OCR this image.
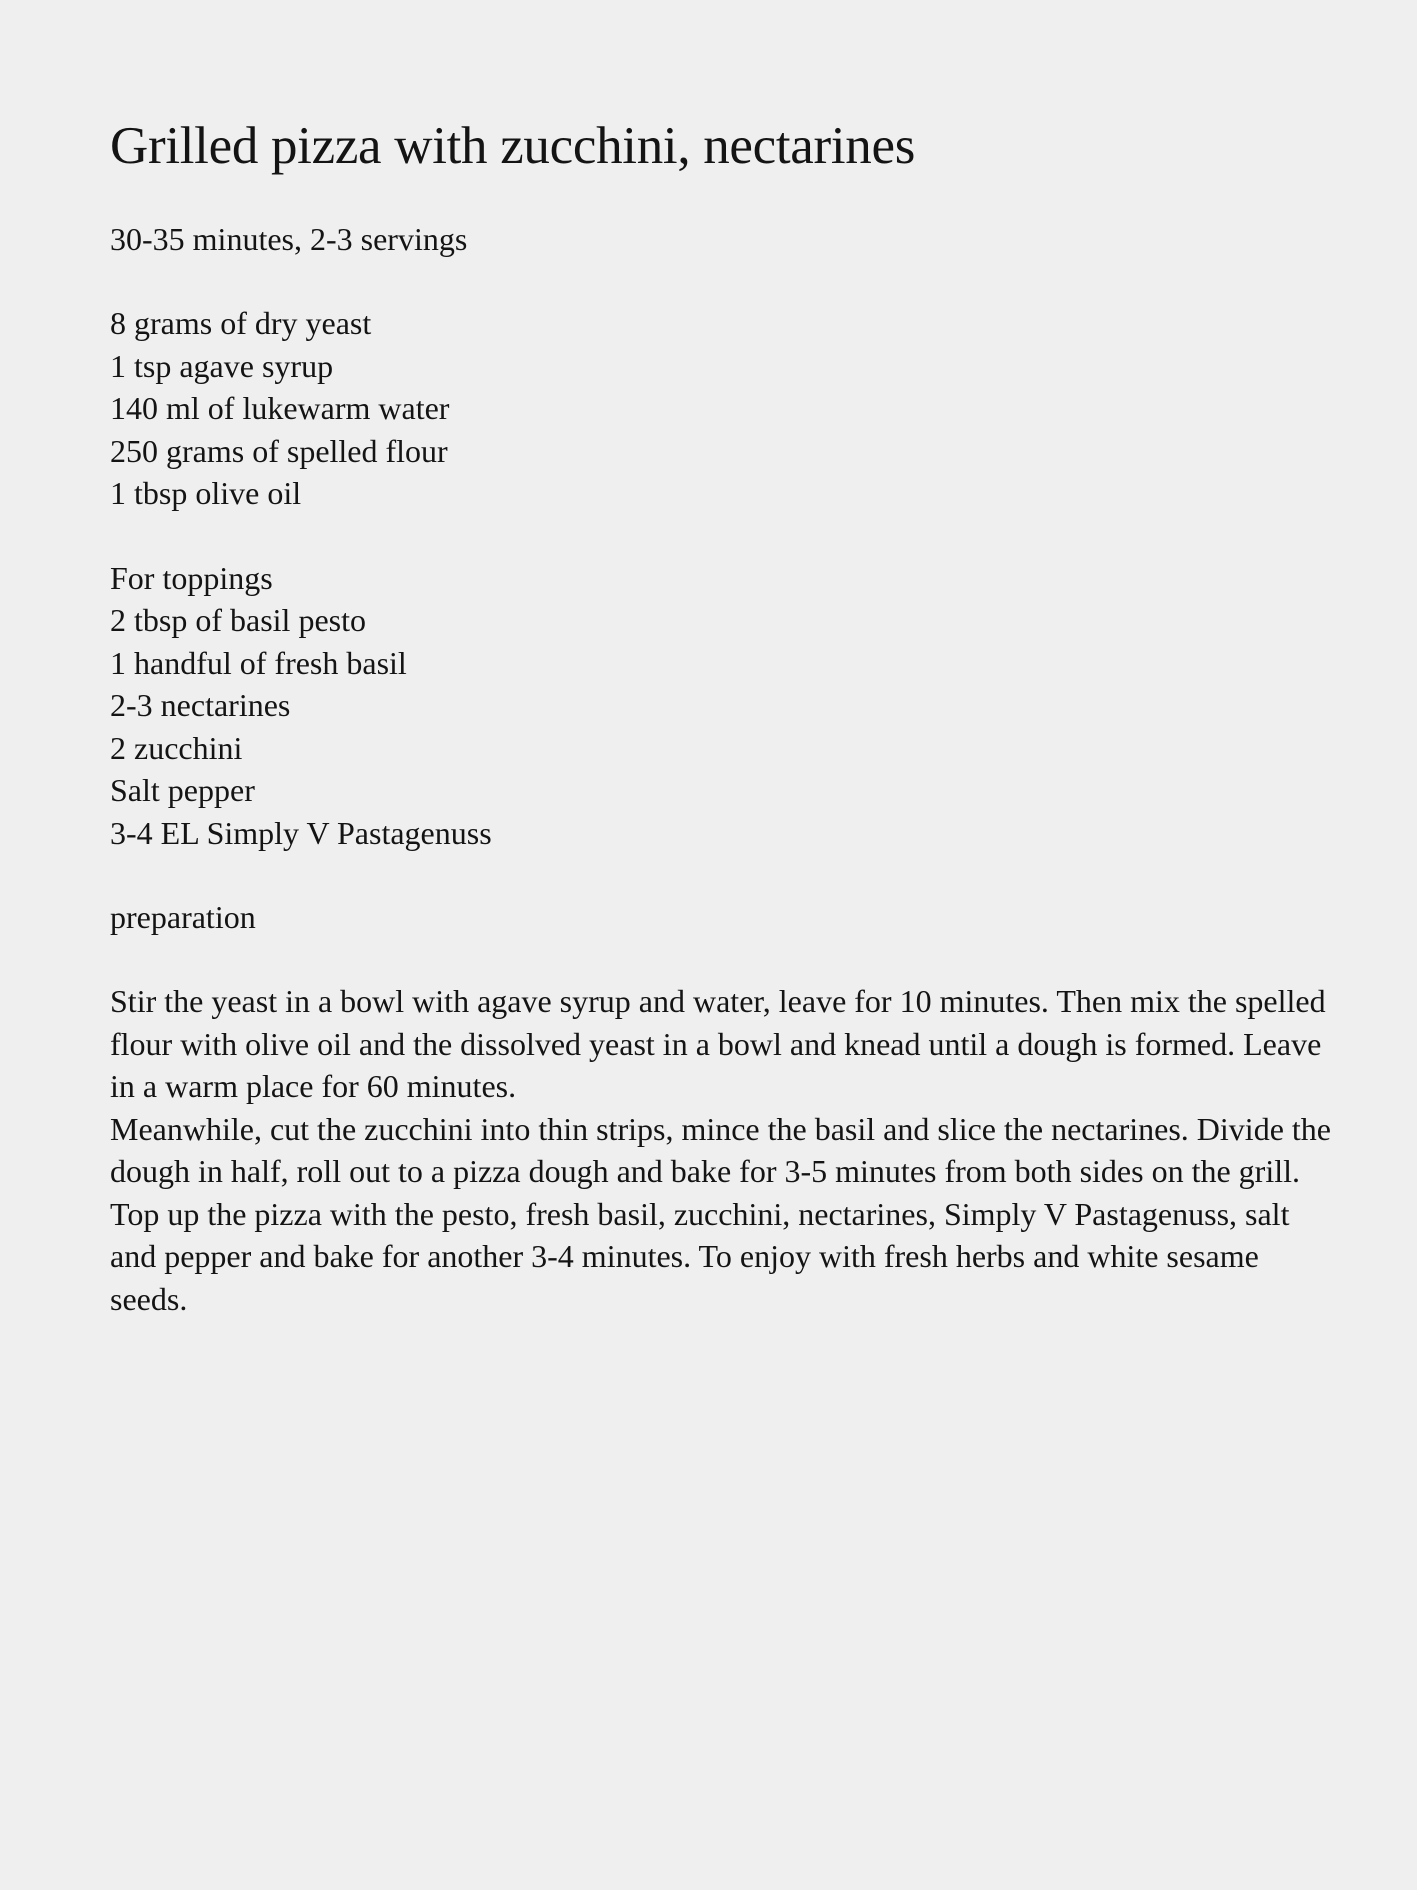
Grilled pizza with zucchini, nectarines

30-35 minutes, 2-3 servings

8 grams of dry yeast
1 tsp agave syrup
140 ml of lukewarm water
250 grams of spelled flour
1 tbsp olive oil
For toppings
2 tbsp of basil pesto
1 handful of fresh basil
2-3 nectarines
2 zucchini
Salt pepper
3-4 EL Simply V Pastagenuss

preparation

Stir the yeast in a bowl with agave syrup and water, leave for 10 minutes. Then mix the spelled flour with olive oil and the dissolved yeast in a bowl and knead until a dough is formed. Leave in a warm place for 60 minutes.

Meanwhile, cut the zucchini into thin strips, mince the basil and slice the nectarines. Divide the dough in half, roll out to a pizza dough and bake for 3-5 minutes from both sides on the grill. Top up the pizza with the pesto, fresh basil, zucchini, nectarines, Simply V Pastagenuss, salt and pepper and bake for another 3-4 minutes. To enjoy with fresh herbs and white sesame seeds.
